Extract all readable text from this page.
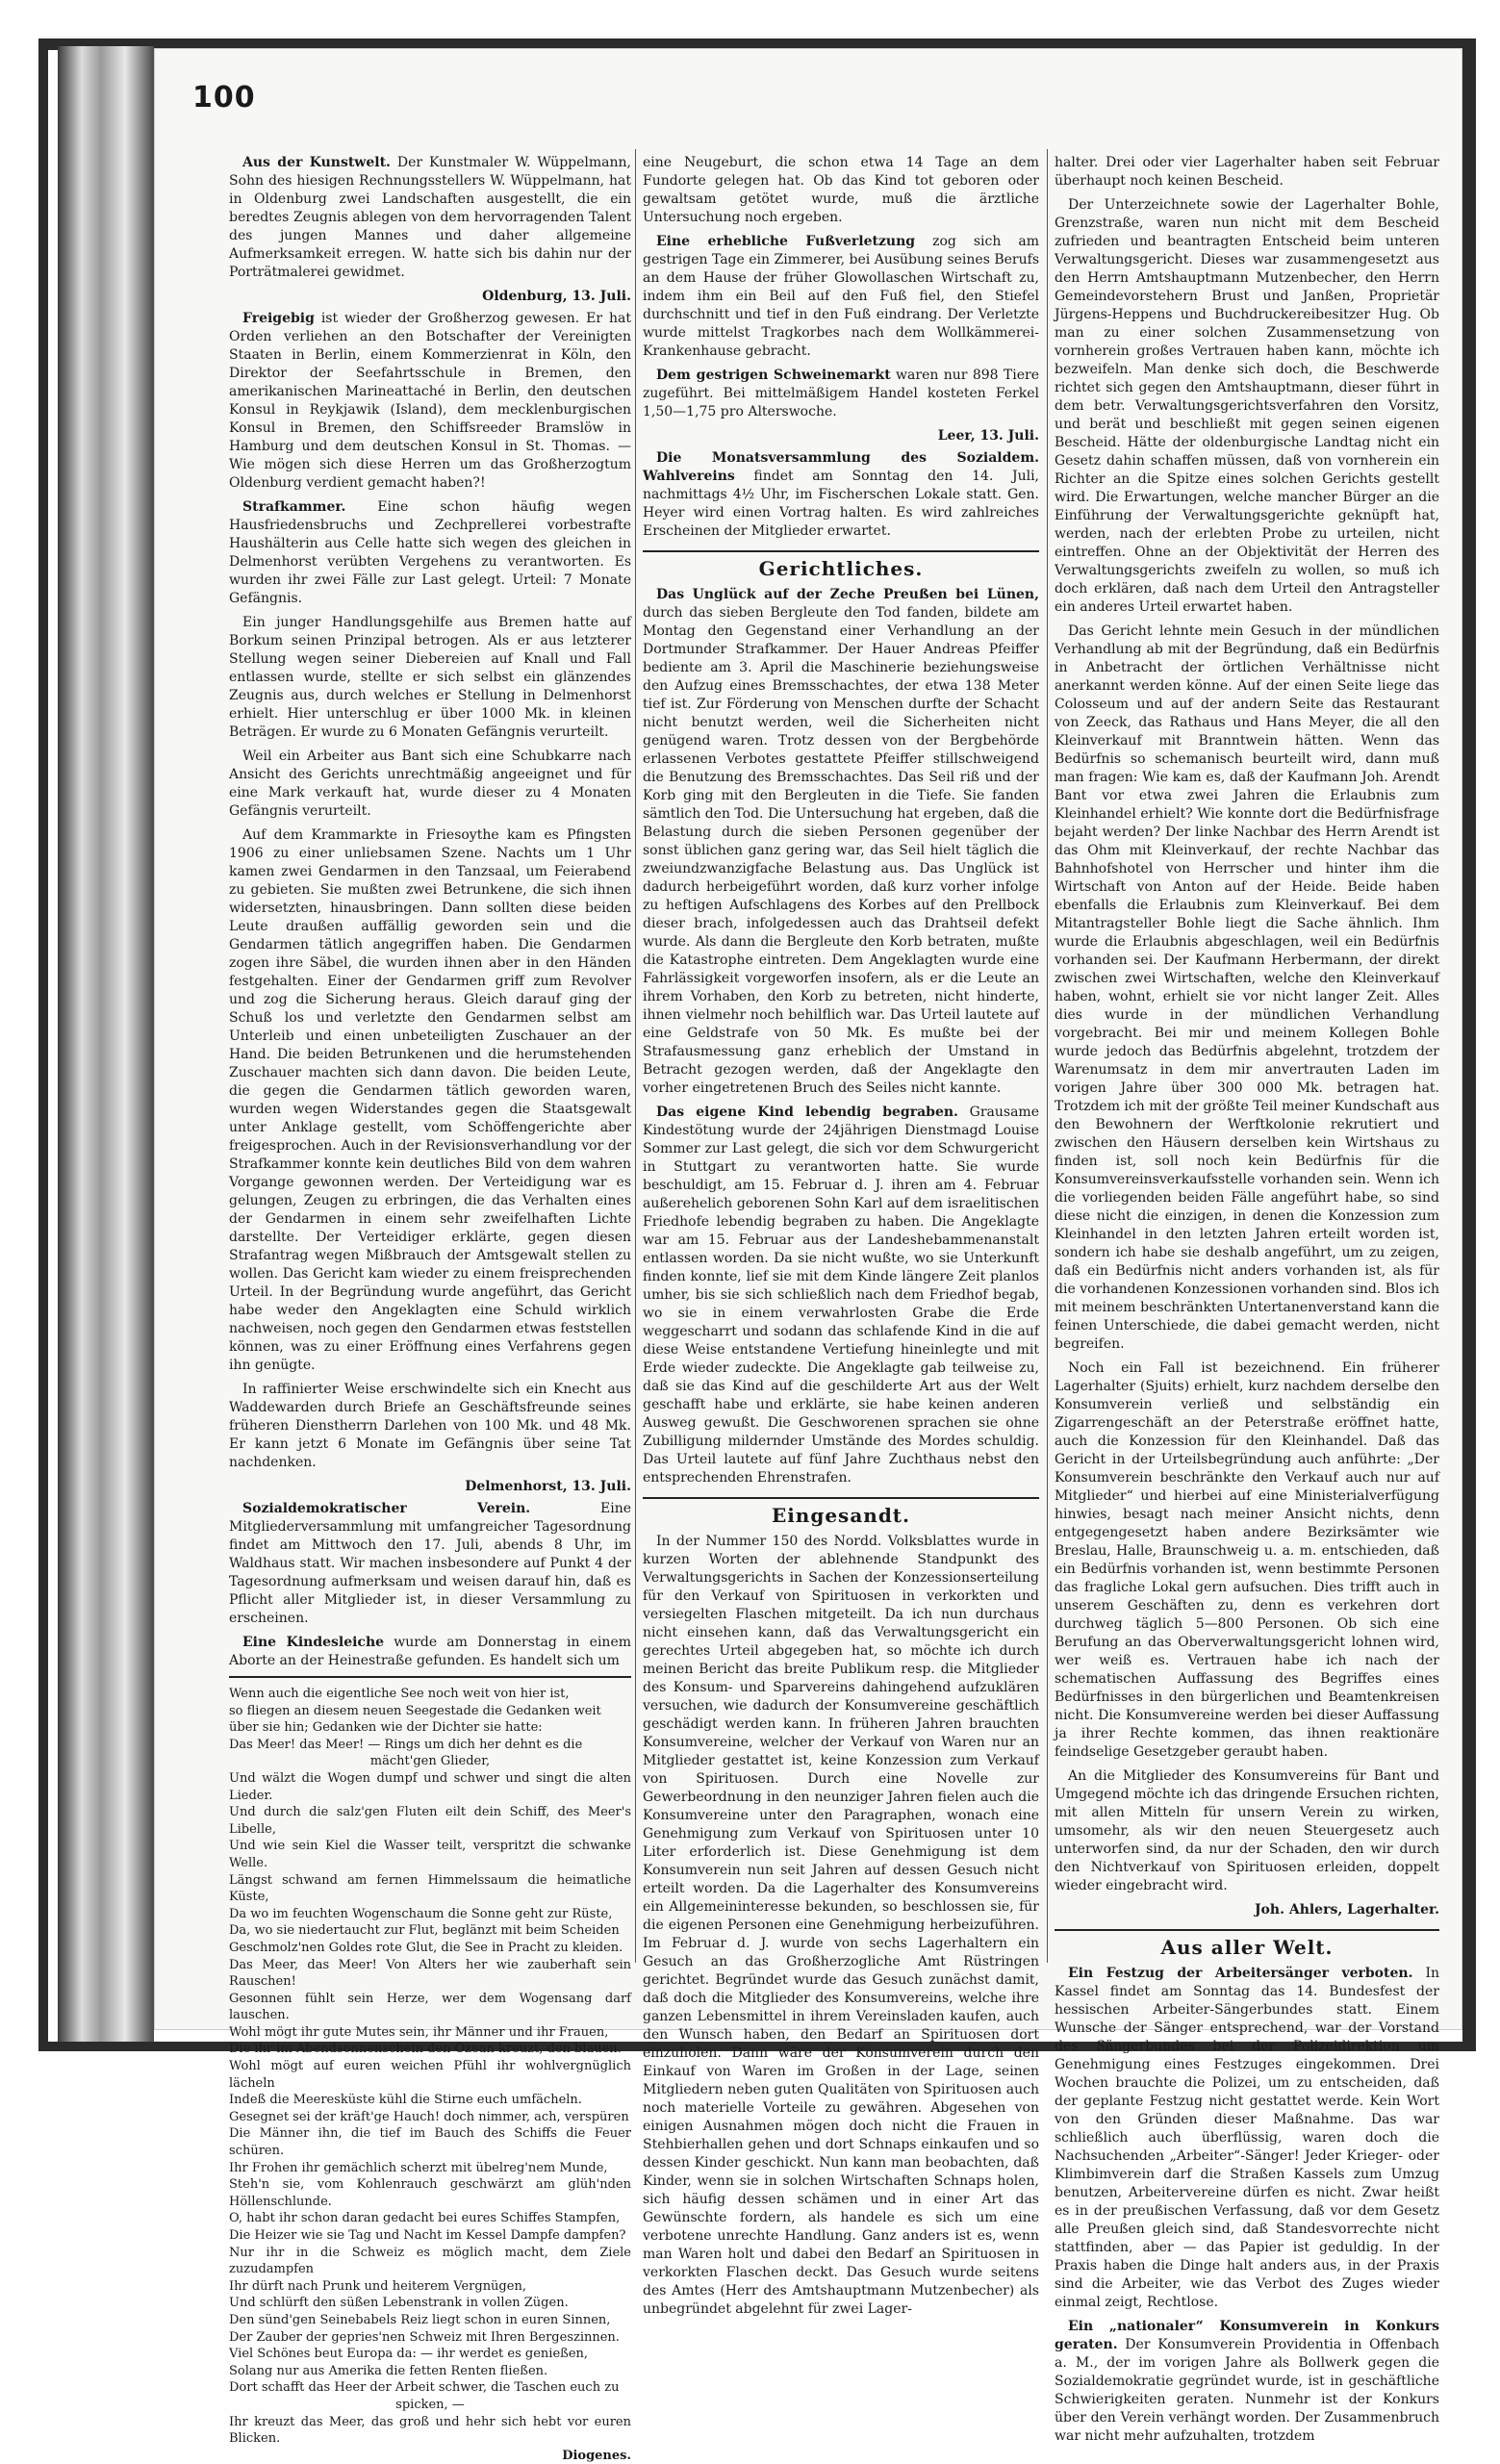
100

Aus der Kunstwelt. Der Kunstmaler W. Wüppelmann, Sohn des hiesigen Rechnungsstellers W. Wüppelmann, hat in Oldenburg zwei Landschaften ausgestellt, die ein beredtes Zeugnis ablegen von dem hervorragenden Talent des jungen Mannes und daher allgemeine Aufmerksamkeit erregen. W. hatte sich bis dahin nur der Porträtmalerei gewidmet.

Oldenburg, 13. Juli.

Freigebig ist wieder der Großherzog gewesen. Er hat Orden verliehen an den Botschafter der Vereinigten Staaten in Berlin, einem Kommerzienrat in Köln, den Direktor der Seefahrtsschule in Bremen, den amerikanischen Marineattaché in Berlin, den deutschen Konsul in Reykjawik (Island), dem mecklenburgischen Konsul in Bremen, den Schiffsreeder Bramslöw in Hamburg und dem deutschen Konsul in St. Thomas. — Wie mögen sich diese Herren um das Großherzogtum Oldenburg verdient gemacht haben?!

Strafkammer. Eine schon häufig wegen Hausfriedensbruchs und Zechprellerei vorbestrafte Haushälterin aus Celle hatte sich wegen des gleichen in Delmenhorst verübten Vergehens zu verantworten. Es wurden ihr zwei Fälle zur Last gelegt. Urteil: 7 Monate Gefängnis.

Ein junger Handlungsgehilfe aus Bremen hatte auf Borkum seinen Prinzipal betrogen. Als er aus letzterer Stellung wegen seiner Diebereien auf Knall und Fall entlassen wurde, stellte er sich selbst ein glänzendes Zeugnis aus, durch welches er Stellung in Delmenhorst erhielt. Hier unterschlug er über 1000 Mk. in kleinen Beträgen. Er wurde zu 6 Monaten Gefängnis verurteilt.

Weil ein Arbeiter aus Bant sich eine Schubkarre nach Ansicht des Gerichts unrechtmäßig angeeignet und für eine Mark verkauft hat, wurde dieser zu 4 Monaten Gefängnis verurteilt.

Auf dem Krammarkte in Friesoythe kam es Pfingsten 1906 zu einer unliebsamen Szene. Nachts um 1 Uhr kamen zwei Gendarmen in den Tanzsaal, um Feierabend zu gebieten. Sie mußten zwei Betrunkene, die sich ihnen widersetzten, hinausbringen. Dann sollten diese beiden Leute draußen auffällig geworden sein und die Gendarmen tätlich angegriffen haben. Die Gendarmen zogen ihre Säbel, die wurden ihnen aber in den Händen festgehalten. Einer der Gendarmen griff zum Revolver und zog die Sicherung heraus. Gleich darauf ging der Schuß los und verletzte den Gendarmen selbst am Unterleib und einen unbeteiligten Zuschauer an der Hand. Die beiden Betrunkenen und die herumstehenden Zuschauer machten sich dann davon. Die beiden Leute, die gegen die Gendarmen tätlich geworden waren, wurden wegen Widerstandes gegen die Staatsgewalt unter Anklage gestellt, vom Schöffengerichte aber freigesprochen. Auch in der Revisionsverhandlung vor der Strafkammer konnte kein deutliches Bild von dem wahren Vorgange gewonnen werden. Der Verteidigung war es gelungen, Zeugen zu erbringen, die das Verhalten eines der Gendarmen in einem sehr zweifelhaften Lichte darstellte. Der Verteidiger erklärte, gegen diesen Strafantrag wegen Mißbrauch der Amtsgewalt stellen zu wollen. Das Gericht kam wieder zu einem freisprechenden Urteil. In der Begründung wurde angeführt, das Gericht habe weder den Angeklagten eine Schuld wirklich nachweisen, noch gegen den Gendarmen etwas feststellen können, was zu einer Eröffnung eines Verfahrens gegen ihn genügte.

In raffinierter Weise erschwindelte sich ein Knecht aus Waddewarden durch Briefe an Geschäftsfreunde seines früheren Dienstherrn Darlehen von 100 Mk. und 48 Mk. Er kann jetzt 6 Monate im Gefängnis über seine Tat nachdenken.

Delmenhorst, 13. Juli.

Sozialdemokratischer Verein.	Eine Mitgliederversammlung mit umfangreicher Tagesordnung findet am Mittwoch den 17. Juli, abends 8 Uhr, im Waldhaus statt. Wir machen insbesondere auf Punkt 4 der Tagesordnung aufmerksam und weisen darauf hin, daß es Pflicht aller Mitglieder ist, in dieser Versammlung zu erscheinen.

Eine Kindesleiche wurde am Donnerstag in einem Aborte an der Heinestraße gefunden. Es handelt sich um

Wenn auch die eigentliche See noch weit von hier ist,
so fliegen an diesem neuen Seegestade die Gedanken weit
über sie hin; Gedanken wie der Dichter sie hatte:
Das Meer! das Meer! — Rings um dich her dehnt es die
mächt'gen Glieder,
Und wälzt die Wogen dumpf und schwer und singt die alten Lieder.
Und durch die salz'gen Fluten eilt dein Schiff, des Meer's Libelle,
Und wie sein Kiel die Wasser teilt, verspritzt die schwanke Welle.
Längst schwand am fernen Himmelssaum die heimatliche Küste,
Da wo im feuchten Wogenschaum die Sonne geht zur Rüste,
Da, wo sie niedertaucht zur Flut, beglänzt mit beim Scheiden
Geschmolz'nen Goldes rote Glut, die See in Pracht zu kleiden.
Das Meer, das Meer! Von Alters her wie zauberhaft sein Rauschen!
Gesonnen fühlt sein Herze, wer dem Wogensang darf lauschen.
Wohl mögt ihr gute Mutes sein, ihr Männer und ihr Frauen,
Die ihr im Abendsonnenschein den Ozean kreuzt, den blauen.
Wohl mögt auf euren weichen Pfühl ihr wohlvergnüglich lächeln
Indeß die Meeresküste kühl die Stirne euch umfächeln.
Gesegnet sei der kräft'ge Hauch! doch nimmer, ach, verspüren
Die Männer ihn, die tief im Bauch des Schiffs die Feuer schüren.
Ihr Frohen ihr gemächlich scherzt mit übelreg'nem Munde,
Steh'n sie, vom Kohlenrauch geschwärzt am glüh'nden Höllenschlunde.
O, habt ihr schon daran gedacht bei eures Schiffes Stampfen,
Die Heizer wie sie Tag und Nacht im Kessel Dampfe dampfen?
Nur ihr in die Schweiz es möglich macht, dem Ziele zuzudampfen
Ihr dürft nach Prunk und heiterem Vergnügen,
Und schlürft den süßen Lebenstrank in vollen Zügen.
Den sünd'gen Seinebabels Reiz liegt schon in euren Sinnen,
Der Zauber der gepries'nen Schweiz mit Ihren Bergeszinnen.
Viel Schönes beut Europa da: — ihr werdet es genießen,
Solang nur aus Amerika die fetten Renten fließen.
Dort schafft das Heer der Arbeit schwer, die Taschen euch zu
spicken, —
Ihr kreuzt das Meer, das groß und hehr sich hebt vor euren Blicken.
Diogenes.

eine Neugeburt, die schon etwa 14 Tage an dem Fundorte gelegen hat. Ob das Kind tot geboren oder gewaltsam getötet wurde, muß die ärztliche Untersuchung noch ergeben.

Eine erhebliche Fußverletzung zog sich am gestrigen Tage ein Zimmerer, bei Ausübung seines Berufs an dem Hause der früher Glowollaschen Wirtschaft zu, indem ihm ein Beil auf den Fuß fiel, den Stiefel durchschnitt und tief in den Fuß eindrang. Der Verletzte wurde mittelst Tragkorbes nach dem Wollkämmerei-Krankenhause gebracht.

Dem gestrigen Schweinemarkt waren nur 898 Tiere zugeführt. Bei mittelmäßigem Handel kosteten Ferkel 1,50—1,75 pro Alterswoche.

Leer, 13. Juli.

Die Monatsversammlung des Sozialdem. Wahlvereins findet am Sonntag den 14. Juli, nachmittags 4½ Uhr, im Fischerschen Lokale statt. Gen. Heyer wird einen Vortrag halten. Es wird zahlreiches Erscheinen der Mitglieder erwartet.

Gerichtliches.

Das Unglück auf der Zeche Preußen bei Lünen, durch das sieben Bergleute den Tod fanden, bildete am Montag den Gegenstand einer Verhandlung an der Dortmunder Strafkammer. Der Hauer Andreas Pfeiffer bediente am 3. April die Maschinerie beziehungsweise den Aufzug eines Bremsschachtes, der etwa 138 Meter tief ist. Zur Förderung von Menschen durfte der Schacht nicht benutzt werden, weil die Sicherheiten nicht genügend waren. Trotz dessen von der Bergbehörde erlassenen Verbotes gestattete Pfeiffer stillschweigend die Benutzung des Bremsschachtes. Das Seil riß und der Korb ging mit den Bergleuten in die Tiefe. Sie fanden sämtlich den Tod. Die Untersuchung hat ergeben, daß die Belastung durch die sieben Personen gegenüber der sonst üblichen ganz gering war, das Seil hielt täglich die zweiundzwanzigfache Belastung aus. Das Unglück ist dadurch herbeigeführt worden, daß kurz vorher infolge zu heftigen Aufschlagens des Korbes auf den Prellbock dieser brach, infolgedessen auch das Drahtseil defekt wurde. Als dann die Bergleute den Korb betraten, mußte die Katastrophe eintreten. Dem Angeklagten wurde eine Fahrlässigkeit vorgeworfen insofern, als er die Leute an ihrem Vorhaben, den Korb zu betreten, nicht hinderte, ihnen vielmehr noch behilflich war. Das Urteil lautete auf eine Geldstrafe von 50 Mk. Es mußte bei der Strafausmessung ganz erheblich der Umstand in Betracht gezogen werden, daß der Angeklagte den vorher eingetretenen Bruch des Seiles nicht kannte.

Das eigene Kind lebendig begraben. Grausame Kindestötung wurde der 24jährigen Dienstmagd Louise Sommer zur Last gelegt, die sich vor dem Schwurgericht in Stuttgart zu verantworten hatte. Sie wurde beschuldigt, am 15. Februar d. J. ihren am 4. Februar außerehelich geborenen Sohn Karl auf dem israelitischen Friedhofe lebendig begraben zu haben. Die Angeklagte war am 15. Februar aus der Landeshebammenanstalt entlassen worden. Da sie nicht wußte, wo sie Unterkunft finden konnte, lief sie mit dem Kinde längere Zeit planlos umher, bis sie sich schließlich nach dem Friedhof begab, wo sie in einem verwahrlosten Grabe die Erde weggescharrt und sodann das schlafende Kind in die auf diese Weise entstandene Vertiefung hineinlegte und mit Erde wieder zudeckte. Die Angeklagte gab teilweise zu, daß sie das Kind auf die geschilderte Art aus der Welt geschafft habe und erklärte, sie habe keinen anderen Ausweg gewußt. Die Geschworenen sprachen sie ohne Zubilligung mildernder Umstände des Mordes schuldig. Das Urteil lautete auf fünf Jahre Zuchthaus nebst den entsprechenden Ehrenstrafen.

Eingesandt.

In der Nummer 150 des Nordd. Volksblattes wurde in kurzen Worten der ablehnende Standpunkt des Verwaltungsgerichts in Sachen der Konzessionserteilung für den Verkauf von Spirituosen in verkorkten und versiegelten Flaschen mitgeteilt. Da ich nun durchaus nicht einsehen kann, daß das Verwaltungsgericht ein gerechtes Urteil abgegeben hat, so möchte ich durch meinen Bericht das breite Publikum resp. die Mitglieder des Konsum- und Sparvereins dahingehend aufzuklären versuchen, wie dadurch der Konsumvereine geschäftlich geschädigt werden kann. In früheren Jahren brauchten Konsumvereine, welcher der Verkauf von Waren nur an Mitglieder gestattet ist, keine Konzession zum Verkauf von Spirituosen. Durch eine Novelle zur Gewerbeordnung in den neunziger Jahren fielen auch die Konsumvereine unter den Paragraphen, wonach eine Genehmigung zum Verkauf von Spirituosen unter 10 Liter erforderlich ist. Diese Genehmigung ist dem Konsumverein nun seit Jahren auf dessen Gesuch nicht erteilt worden. Da die Lagerhalter des Konsumvereins ein Allgemeininteresse bekunden, so beschlossen sie, für die eigenen Personen eine Genehmigung herbeizuführen. Im Februar d. J. wurde von sechs Lagerhaltern ein Gesuch an das Großherzogliche Amt Rüstringen gerichtet. Begründet wurde das Gesuch zunächst damit, daß doch die Mitglieder des Konsumvereins, welche ihre ganzen Lebensmittel in ihrem Vereinsladen kaufen, auch den Wunsch haben, den Bedarf an Spirituosen dort einzuholen. Dann wäre der Konsumverein durch den Einkauf von Waren im Großen in der Lage, seinen Mitgliedern neben guten Qualitäten von Spirituosen auch noch materielle Vorteile zu gewähren. Abgesehen von einigen Ausnahmen mögen doch nicht die Frauen in Stehbierhallen gehen und dort Schnaps einkaufen und so dessen Kinder geschickt. Nun kann man beobachten, daß Kinder, wenn sie in solchen Wirtschaften Schnaps holen, sich häufig dessen schämen und in einer Art das Gewünschte fordern, als handele es sich um eine verbotene unrechte Handlung. Ganz anders ist es, wenn man Waren holt und dabei den Bedarf an Spirituosen in verkorkten Flaschen deckt. Das Gesuch wurde seitens des Amtes (Herr des Amtshauptmann Mutzenbecher) als unbegründet abgelehnt für zwei Lager-

halter. Drei oder vier Lagerhalter haben seit Februar überhaupt noch keinen Bescheid.

Der Unterzeichnete sowie der Lagerhalter Bohle, Grenzstraße, waren nun nicht mit dem Bescheid zufrieden und beantragten Entscheid beim unteren Verwaltungsgericht. Dieses war zusammengesetzt aus den Herrn Amtshauptmann Mutzenbecher, den Herrn Gemeindevorstehern Brust und Janßen, Proprietär Jürgens-Heppens und Buchdruckereibesitzer Hug. Ob man zu einer solchen Zusammensetzung von vornherein großes Vertrauen haben kann, möchte ich bezweifeln. Man denke sich doch, die Beschwerde richtet sich gegen den Amtshauptmann, dieser führt in dem betr. Verwaltungsgerichtsverfahren den Vorsitz, und berät und beschließt mit gegen seinen eigenen Bescheid. Hätte der oldenburgische Landtag nicht ein Gesetz dahin schaffen müssen, daß von vornherein ein Richter an die Spitze eines solchen Gerichts gestellt wird. Die Erwartungen, welche mancher Bürger an die Einführung der Verwaltungsgerichte geknüpft hat, werden, nach der erlebten Probe zu urteilen, nicht eintreffen. Ohne an der Objektivität der Herren des Verwaltungsgerichts zweifeln zu wollen, so muß ich doch erklären, daß nach dem Urteil den Antragsteller ein anderes Urteil erwartet haben.

Das Gericht lehnte mein Gesuch in der mündlichen Verhandlung ab mit der Begründung, daß ein Bedürfnis in Anbetracht der örtlichen Verhältnisse nicht anerkannt werden könne. Auf der einen Seite liege das Colosseum und auf der andern Seite das Restaurant von Zeeck, das Rathaus und Hans Meyer, die all den Kleinverkauf mit Branntwein hätten. Wenn das Bedürfnis so schemanisch beurteilt wird, dann muß man fragen: Wie kam es, daß der Kaufmann Joh. Arendt Bant vor etwa zwei Jahren die Erlaubnis zum Kleinhandel erhielt? Wie konnte dort die Bedürfnisfrage bejaht werden? Der linke Nachbar des Herrn Arendt ist das Ohm mit Kleinverkauf, der rechte Nachbar das Bahnhofshotel von Herrscher und hinter ihm die Wirtschaft von Anton auf der Heide. Beide haben ebenfalls die Erlaubnis zum Kleinverkauf. Bei dem Mitantragsteller Bohle liegt die Sache ähnlich. Ihm wurde die Erlaubnis abgeschlagen, weil ein Bedürfnis vorhanden sei. Der Kaufmann Herbermann, der direkt zwischen zwei Wirtschaften, welche den Kleinverkauf haben, wohnt, erhielt sie vor nicht langer Zeit. Alles dies wurde in der mündlichen Verhandlung vorgebracht. Bei mir und meinem Kollegen Bohle wurde jedoch das Bedürfnis abgelehnt, trotzdem der Warenumsatz in dem mir anvertrauten Laden im vorigen Jahre über 300 000 Mk. betragen hat. Trotzdem ich mit der größte Teil meiner Kundschaft aus den Bewohnern der Werftkolonie rekrutiert und zwischen den Häusern derselben kein Wirtshaus zu finden ist, soll noch kein Bedürfnis für die Konsumvereinsverkaufsstelle vorhanden sein. Wenn ich die vorliegenden beiden Fälle angeführt habe, so sind diese nicht die einzigen, in denen die Konzession zum Kleinhandel in den letzten Jahren erteilt worden ist, sondern ich habe sie deshalb angeführt, um zu zeigen, daß ein Bedürfnis nicht anders vorhanden ist, als für die vorhandenen Konzessionen vorhanden sind. Blos ich mit meinem beschränkten Untertanenverstand kann die feinen Unterschiede, die dabei gemacht werden, nicht begreifen.

Noch ein Fall ist bezeichnend. Ein früherer Lagerhalter (Sjuits) erhielt, kurz nachdem derselbe den Konsumverein verließ und selbständig ein Zigarrengeschäft an der Peterstraße eröffnet hatte, auch die Konzession für den Kleinhandel. Daß das Gericht in der Urteilsbegründung auch anführte: „Der Konsumverein beschränkte den Verkauf auch nur auf Mitglieder“ und hierbei auf eine Ministerialverfügung hinwies, besagt nach meiner Ansicht nichts, denn entgegengesetzt haben andere Bezirksämter wie Breslau, Halle, Braunschweig u. a. m. entschieden, daß ein Bedürfnis vorhanden ist, wenn bestimmte Personen das fragliche Lokal gern aufsuchen. Dies trifft auch in unserem Geschäften zu, denn es verkehren dort durchweg täglich 5—800 Personen. Ob sich eine Berufung an das Oberverwaltungsgericht lohnen wird, wer weiß es. Vertrauen habe ich nach der schematischen Auffassung des Begriffes eines Bedürfnisses in den bürgerlichen und Beamtenkreisen nicht. Die Konsumvereine werden bei dieser Auffassung ja ihrer Rechte kommen, das ihnen reaktionäre feindselige Gesetzgeber geraubt haben.

An die Mitglieder des Konsumvereins für Bant und Umgegend möchte ich das dringende Ersuchen richten, mit allen Mitteln für unsern Verein zu wirken, umsomehr, als wir den neuen Steuergesetz auch unterworfen sind, da nur der Schaden, den wir durch den Nichtverkauf von Spirituosen erleiden, doppelt wieder eingebracht wird.

Joh. Ahlers, Lagerhalter.
Aus aller Welt.

Ein Festzug der Arbeitersänger verboten. In Kassel findet am Sonntag das 14. Bundesfest der hessischen Arbeiter-Sängerbundes statt. Einem Wunsche der Sänger entsprechend, war der Vorstand des Sängerbundes bei der Polizeidirektion um Genehmigung eines Festzuges eingekommen. Drei Wochen brauchte die Polizei, um zu entscheiden, daß der geplante Festzug nicht gestattet werde. Kein Wort von den Gründen dieser Maßnahme. Das war schließlich auch überflüssig, waren doch die Nachsuchenden „Arbeiter“-Sänger! Jeder Krieger- oder Klimbimverein darf die Straßen Kassels zum Umzug benutzen, Arbeitervereine dürfen es nicht. Zwar heißt es in der preußischen Verfassung, daß vor dem Gesetz alle Preußen gleich sind, daß Standesvorrechte nicht stattfinden, aber — das Papier ist geduldig. In der Praxis haben die Dinge halt anders aus, in der Praxis sind die Arbeiter, wie das Verbot des Zuges wieder einmal zeigt, Rechtlose.

Ein „nationaler“ Konsumverein in Konkurs geraten. Der Konsumverein Providentia in Offenbach a. M., der im vorigen Jahre als Bollwerk gegen die Sozialdemokratie gegründet wurde, ist in geschäftliche Schwierigkeiten geraten. Nunmehr ist der Konkurs über den Verein verhängt worden. Der Zusammenbruch war nicht mehr aufzuhalten, trotzdem
